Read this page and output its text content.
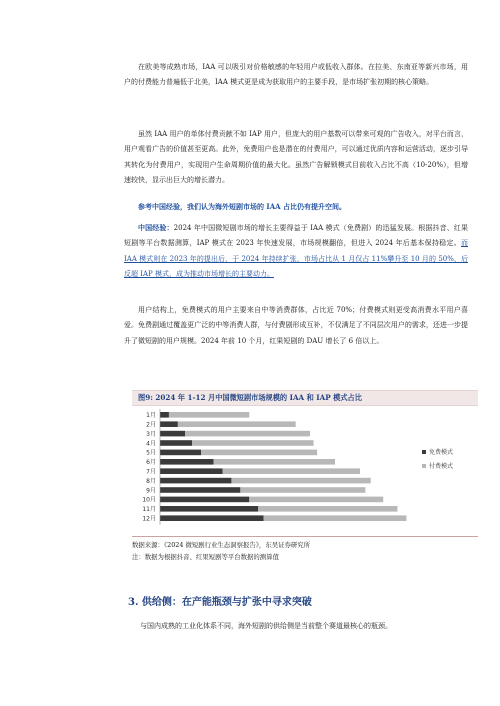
在欧美等成熟市场，IAA 可以吸引对价格敏感的年轻用户或低收入群体。在拉美、东南亚等新兴市场，用户的付费能力普遍低于北美，IAA 模式更是成为获取用户的主要手段，是市场扩张初期的核心策略。
虽然 IAA 用户的单体付费贡献不如 IAP 用户，但庞大的用户基数可以带来可观的广告收入，对平台而言，用户观看广告的价值甚至更高。此外，免费用户也是潜在的付费用户，可以通过优质内容和运营活动，逐步引导其转化为付费用户，实现用户生命周期价值的最大化。虽然广告解锁模式目前收入占比不高（10-20%），但增速较快，显示出巨大的增长潜力。
参考中国经验，我们认为海外短剧市场的 IAA 占比仍有提升空间。
中国经验：2024 年中国微短剧市场的增长主要得益于 IAA 模式（免费剧）的迅猛发展。根据抖音、红果短剧等平台数据测算，IAP 模式在 2023 年快速发展，市场规模翻倍，但进入 2024 年后基本保持稳定。而 IAA 模式则在 2023 年的提出后，于 2024 年持续扩张，市场占比从 1 月仅占 11%攀升至 10 月的 50%，后反超 IAP 模式，成为推动市场增长的主要动力。
用户结构上，免费模式的用户主要来自中等消费群体，占比近 70%；付费模式则更受高消费水平用户喜爱。免费剧通过覆盖更广泛的中等消费人群，与付费剧形成互补，不仅满足了不同层次用户的需求，还进一步提升了微短剧的用户规模。2024 年前 10 个月，红果短剧的 DAU 增长了 6 倍以上。
图9: 2024 年 1-12 月中国微短剧市场规模的 IAA 和 IAP 模式占比
1月
2月
3月
4月
5月
6月
7月
8月
9月
10月
11月
12月
免费模式
付费模式
数据来源：《2024 微短剧行业生态洞察报告》，东吴证券研究所
注：数据为根据抖音、红果短剧等平台数据的测算值
3. 供给侧：在产能瓶颈与扩张中寻求突破
与国内成熟的工业化体系不同，海外短剧的供给侧是当前整个赛道最核心的瓶颈。
